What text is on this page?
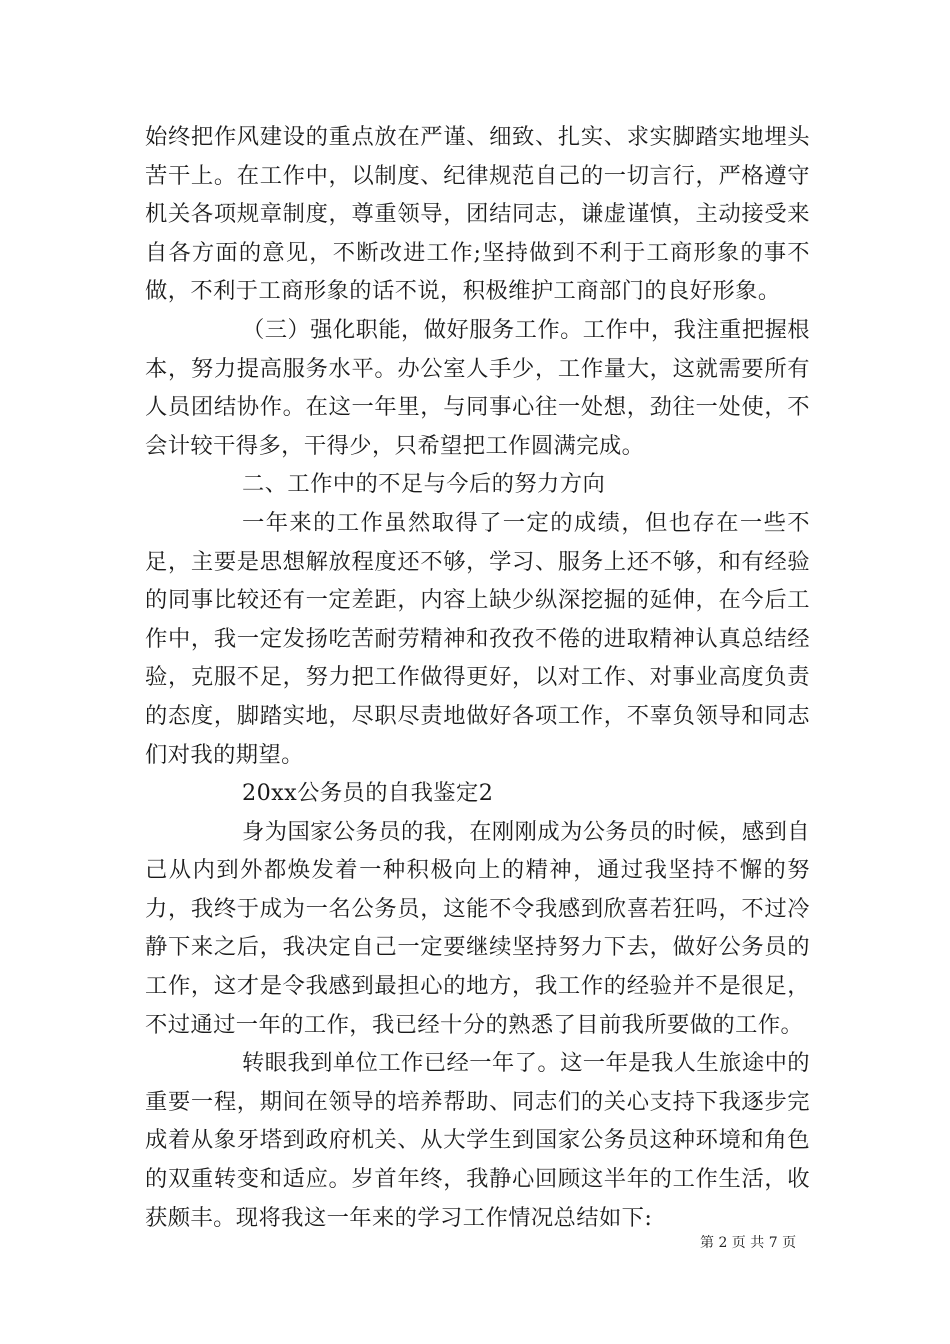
始终把作风建设的重点放在严谨、细致、扎实、求实脚踏实地埋头苦干上。在工作中，以制度、纪律规范自己的一切言行，严格遵守机关各项规章制度，尊重领导，团结同志，谦虚谨慎，主动接受来自各方面的意见，不断改进工作;坚持做到不利于工商形象的事不做，不利于工商形象的话不说，积极维护工商部门的良好形象。

（三）强化职能，做好服务工作。工作中，我注重把握根本，努力提高服务水平。办公室人手少，工作量大，这就需要所有人员团结协作。在这一年里，与同事心往一处想，劲往一处使，不会计较干得多，干得少，只希望把工作圆满完成。

二、工作中的不足与今后的努力方向

一年来的工作虽然取得了一定的成绩，但也存在一些不足，主要是思想解放程度还不够，学习、服务上还不够，和有经验的同事比较还有一定差距，内容上缺少纵深挖掘的延伸，在今后工作中，我一定发扬吃苦耐劳精神和孜孜不倦的进取精神认真总结经验，克服不足，努力把工作做得更好，以对工作、对事业高度负责的态度，脚踏实地，尽职尽责地做好各项工作，不辜负领导和同志们对我的期望。

20xx公务员的自我鉴定2

身为国家公务员的我，在刚刚成为公务员的时候，感到自己从内到外都焕发着一种积极向上的精神，通过我坚持不懈的努力，我终于成为一名公务员，这能不令我感到欣喜若狂吗，不过冷静下来之后，我决定自己一定要继续坚持努力下去，做好公务员的工作，这才是令我感到最担心的地方，我工作的经验并不是很足，不过通过一年的工作，我已经十分的熟悉了目前我所要做的工作。

转眼我到单位工作已经一年了。这一年是我人生旅途中的重要一程，期间在领导的培养帮助、同志们的关心支持下我逐步完成着从象牙塔到政府机关、从大学生到国家公务员这种环境和角色的双重转变和适应。岁首年终，我静心回顾这半年的工作生活，收获颇丰。现将我这一年来的学习工作情况总结如下:

第 2 页 共 7 页
